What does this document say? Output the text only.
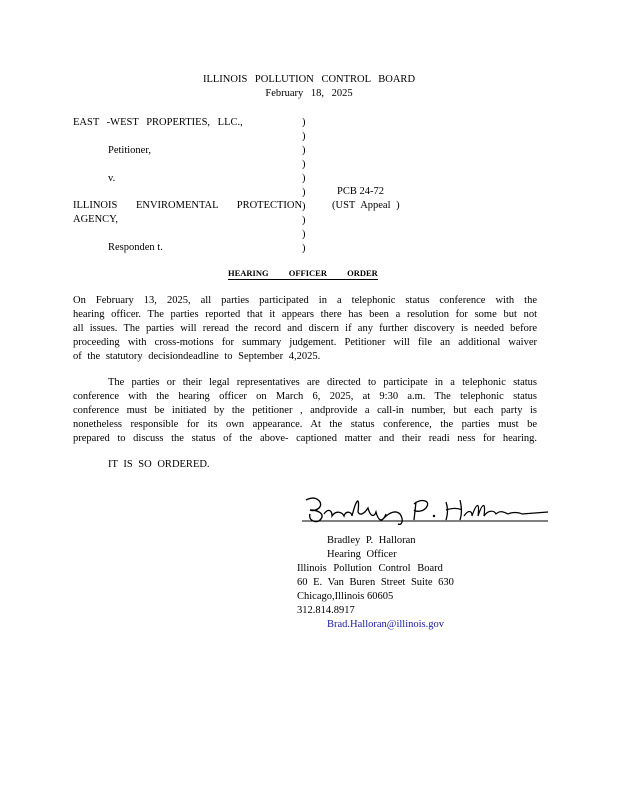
ILLINOIS POLLUTION CONTROL BOARD
February 18, 2025
EAST -WEST PROPERTIES, LLC.,
Petitioner,
v.
ILLINOIS ENVIROMENTAL PROTECTION
AGENCY,
Responden t.
PCB 24-72
(UST Appeal )
)
)
)
)
)
)
)
)
)
)
HEARING OFFICER ORDER
On February 13, 2025, all parties participated in a telephonic status conference with the
hearing officer. The parties reported that it appears there has been a resolution for some but not
all issues. The parties will reread the record and discern if any further discovery is needed before
proceeding with cross-motions for summary judgement. Petitioner will file an additional waiver
of the statutory decisiondeadline to September 4,2025.
The parties or their legal representatives are directed to participate in a telephonic status
conference with the hearing officer on March 6, 2025, at 9:30 a.m. The telephonic status
conference must be initiated by the petitioner , andprovide a call-in number, but each party is
nonetheless responsible for its own appearance. At the status conference, the parties must be
prepared to discuss the status of the above- captioned matter and their readi ness for hearing.
IT IS SO ORDERED.
Bradley P. Halloran
Hearing Officer
Illinois Pollution Control Board
60 E. Van Buren Street Suite 630
Chicago,Illinois 60605
312.814.8917
Brad.Halloran@illinois.gov
